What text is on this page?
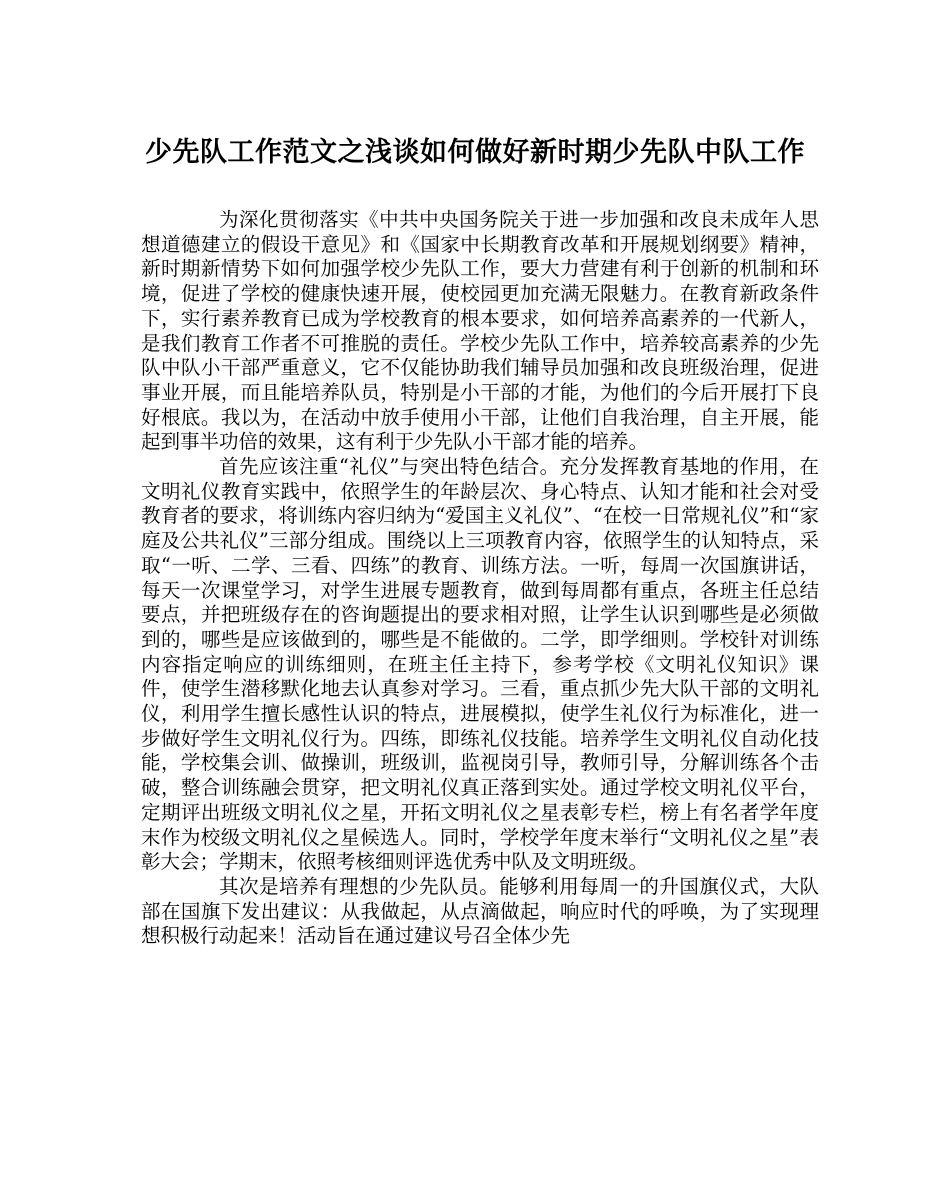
少先队工作范文之浅谈如何做好新时期少先队中队工作

为深化贯彻落实《中共中央国务院关于进一步加强和改良未成年人思想道德建立的假设干意见》和《国家中长期教育改革和开展规划纲要》精神，新时期新情势下如何加强学校少先队工作，要大力营建有利于创新的机制和环境，促进了学校的健康快速开展，使校园更加充满无限魅力。在教育新政条件下，实行素养教育已成为学校教育的根本要求，如何培养高素养的一代新人，是我们教育工作者不可推脱的责任。学校少先队工作中，培养较高素养的少先队中队小干部严重意义，它不仅能协助我们辅导员加强和改良班级治理，促进事业开展，而且能培养队员，特别是小干部的才能，为他们的今后开展打下良好根底。我以为，在活动中放手使用小干部，让他们自我治理，自主开展，能起到事半功倍的效果，这有利于少先队小干部才能的培养。

首先应该注重“礼仪”与突出特色结合。充分发挥教育基地的作用，在文明礼仪教育实践中，依照学生的年龄层次、身心特点、认知才能和社会对受教育者的要求，将训练内容归纳为“爱国主义礼仪”、“在校一日常规礼仪”和“家庭及公共礼仪”三部分组成。围绕以上三项教育内容，依照学生的认知特点，采取“一听、二学、三看、四练”的教育、训练方法。一听，每周一次国旗讲话，每天一次课堂学习，对学生进展专题教育，做到每周都有重点，各班主任总结要点，并把班级存在的咨询题提出的要求相对照，让学生认识到哪些是必须做到的，哪些是应该做到的，哪些是不能做的。二学，即学细则。学校针对训练内容指定响应的训练细则，在班主任主持下，参考学校《文明礼仪知识》课件，使学生潜移默化地去认真参对学习。三看，重点抓少先大队干部的文明礼仪，利用学生擅长感性认识的特点，进展模拟，使学生礼仪行为标准化，进一步做好学生文明礼仪行为。四练，即练礼仪技能。培养学生文明礼仪自动化技能，学校集会训、做操训，班级训，监视岗引导，教师引导，分解训练各个击破，整合训练融会贯穿，把文明礼仪真正落到实处。通过学校文明礼仪平台，定期评出班级文明礼仪之星，开拓文明礼仪之星表彰专栏，榜上有名者学年度末作为校级文明礼仪之星候选人。同时，学校学年度末举行“文明礼仪之星”表彰大会；学期末，依照考核细则评选优秀中队及文明班级。

其次是培养有理想的少先队员。能够利用每周一的升国旗仪式，大队部在国旗下发出建议：从我做起，从点滴做起，响应时代的呼唤，为了实现理想积极行动起来！活动旨在通过建议号召全体少先
